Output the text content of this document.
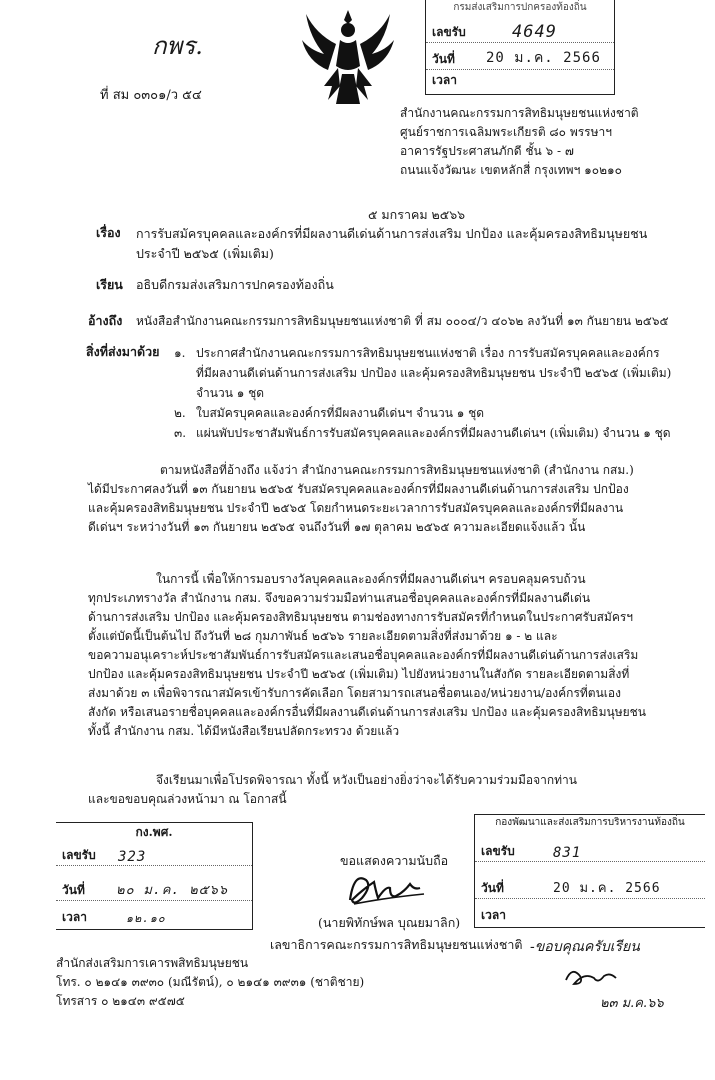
กพร.
ที่ สม ๐๓๐๑/ว ๕๔
กรมส่งเสริมการปกครองท้องถิ่น
เลขรับ	4649
วันที่	20 ม.ค. 2566
เวลา
สำนักงานคณะกรรมการสิทธิมนุษยชนแห่งชาติ
ศูนย์ราชการเฉลิมพระเกียรติ ๘๐ พรรษาฯ
อาคารรัฐประศาสนภักดี ชั้น ๖ - ๗
ถนนแจ้งวัฒนะ เขตหลักสี่ กรุงเทพฯ ๑๐๒๑๐
๕ มกราคม ๒๕๖๖
เรื่อง การรับสมัครบุคคลและองค์กรที่มีผลงานดีเด่นด้านการส่งเสริม ปกป้อง และคุ้มครองสิทธิมนุษยชน
ประจำปี ๒๕๖๕ (เพิ่มเติม)
เรียน อธิบดีกรมส่งเสริมการปกครองท้องถิ่น
อ้างถึง หนังสือสำนักงานคณะกรรมการสิทธิมนุษยชนแห่งชาติ ที่ สม ๐๐๐๔/ว ๔๐๖๒ ลงวันที่ ๑๓ กันยายน ๒๕๖๕
สิ่งที่ส่งมาด้วย ๑. ประกาศสำนักงานคณะกรรมการสิทธิมนุษยชนแห่งชาติ เรื่อง การรับสมัครบุคคลและองค์กร
ที่มีผลงานดีเด่นด้านการส่งเสริม ปกป้อง และคุ้มครองสิทธิมนุษยชน ประจำปี ๒๕๖๕ (เพิ่มเติม)
จำนวน ๑ ชุด
๒. ใบสมัครบุคคลและองค์กรที่มีผลงานดีเด่นฯ จำนวน ๑ ชุด
๓. แผ่นพับประชาสัมพันธ์การรับสมัครบุคคลและองค์กรที่มีผลงานดีเด่นฯ (เพิ่มเติม) จำนวน ๑ ชุด
ตามหนังสือที่อ้างถึง แจ้งว่า สำนักงานคณะกรรมการสิทธิมนุษยชนแห่งชาติ (สำนักงาน กสม.)
ได้มีประกาศลงวันที่ ๑๓ กันยายน ๒๕๖๕ รับสมัครบุคคลและองค์กรที่มีผลงานดีเด่นด้านการส่งเสริม ปกป้อง
และคุ้มครองสิทธิมนุษยชน ประจำปี ๒๕๖๕ โดยกำหนดระยะเวลาการรับสมัครบุคคลและองค์กรที่มีผลงาน
ดีเด่นฯ ระหว่างวันที่ ๑๓ กันยายน ๒๕๖๕ จนถึงวันที่ ๑๗ ตุลาคม ๒๕๖๕ ความละเอียดแจ้งแล้ว นั้น
ในการนี้ เพื่อให้การมอบรางวัลบุคคลและองค์กรที่มีผลงานดีเด่นฯ ครอบคลุมครบถ้วน
ทุกประเภทรางวัล สำนักงาน กสม. จึงขอความร่วมมือท่านเสนอชื่อบุคคลและองค์กรที่มีผลงานดีเด่น
ด้านการส่งเสริม ปกป้อง และคุ้มครองสิทธิมนุษยชน ตามช่องทางการรับสมัครที่กำหนดในประกาศรับสมัครฯ
ตั้งแต่บัดนี้เป็นต้นไป ถึงวันที่ ๒๘ กุมภาพันธ์ ๒๕๖๖ รายละเอียดตามสิ่งที่ส่งมาด้วย ๑ - ๒ และ
ขอความอนุเคราะห์ประชาสัมพันธ์การรับสมัครและเสนอชื่อบุคคลและองค์กรที่มีผลงานดีเด่นด้านการส่งเสริม
ปกป้อง และคุ้มครองสิทธิมนุษยชน ประจำปี ๒๕๖๕ (เพิ่มเติม) ไปยังหน่วยงานในสังกัด รายละเอียดตามสิ่งที่
ส่งมาด้วย ๓ เพื่อพิจารณาสมัครเข้ารับการคัดเลือก โดยสามารถเสนอชื่อตนเอง/หน่วยงาน/องค์กรที่ตนเอง
สังกัด หรือเสนอรายชื่อบุคคลและองค์กรอื่นที่มีผลงานดีเด่นด้านการส่งเสริม ปกป้อง และคุ้มครองสิทธิมนุษยชน
ทั้งนี้ สำนักงาน กสม. ได้มีหนังสือเรียนปลัดกระทรวง ด้วยแล้ว
จึงเรียนมาเพื่อโปรดพิจารณา ทั้งนี้ หวังเป็นอย่างยิ่งว่าจะได้รับความร่วมมือจากท่าน
และขอขอบคุณล่วงหน้ามา ณ โอกาสนี้
กง.พศ.
เลขรับ	323
วันที่	๒๐ ม.ค. ๒๕๖๖
เวลา	๑๒.๑๐
กองพัฒนาและส่งเสริมการบริหารงานท้องถิ่น
เลขรับ	831
วันที่	20 ม.ค. 2566
เวลา
ขอแสดงความนับถือ
(นายพิทักษ์พล บุณยมาลิก)
เลขาธิการคณะกรรมการสิทธิมนุษยชนแห่งชาติ -ขอบคุณครับเรียน
๒๓ ม.ค.๖๖
สำนักส่งเสริมการเคารพสิทธิมนุษยชน
โทร. ๐ ๒๑๔๑ ๓๙๓๐ (มณีรัตน์), ๐ ๒๑๔๑ ๓๙๓๑ (ชาติชาย)
โทรสาร ๐ ๒๑๔๓ ๙๕๗๕
